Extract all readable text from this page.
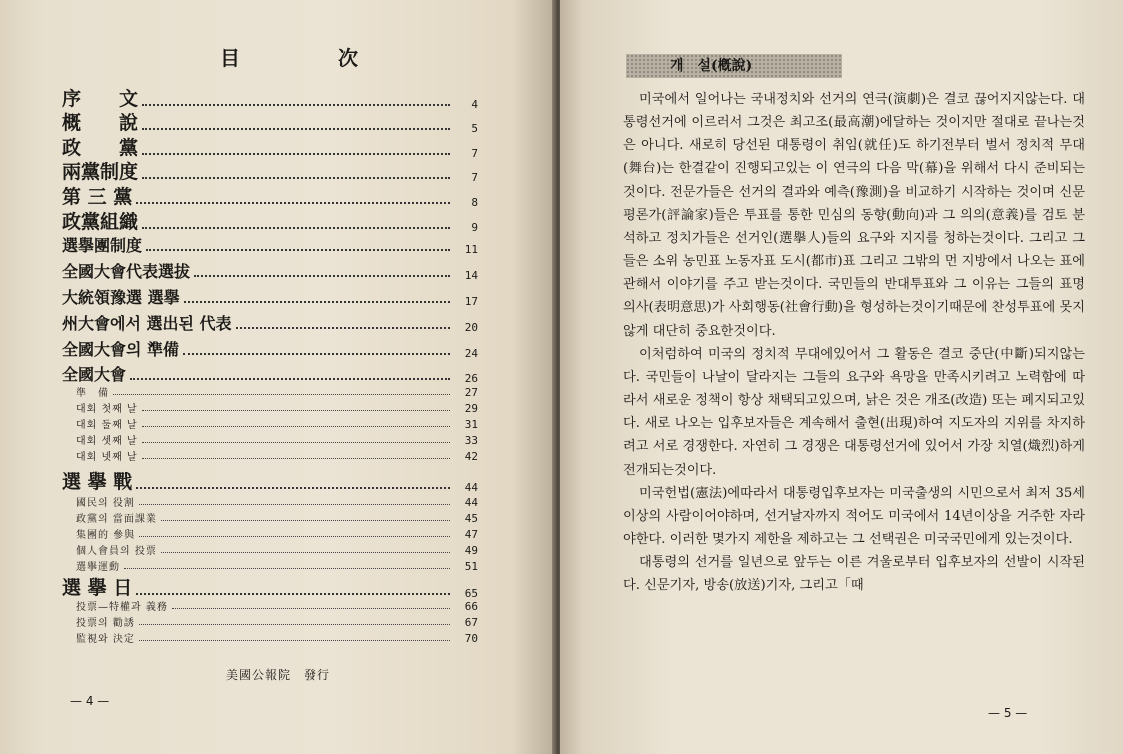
目	次
序　　文	4
概　　說	5
政　　黨	7
兩黨制度	7
第 三 黨	8
政黨組織	9
選擧團制度	11
全國大會代表選拔	14
大統領豫選 選擧	17
州大會에서 選出된 代表	20
全國大會의 準備	24
全國大會	26
準　備	27
대회 첫째 날	29
대회 둘째 날	31
대회 셋째 날	33
대회 넷째 날	42
選 擧 戰	44
國民의 役割	44
政黨의 當面課業	45
集團的 參與	47
個人會員의 投票	49
選擧運動	51
選 擧 日	65
投票—特權과 義務	66
投票의 勸誘	67
監視와 決定	70
美國公報院　發行
— 4 —
개　설(槪說)

미국에서 일어나는 국내정치와 선거의 연극(演劇)은 결코 끊어지지않는다. 대통령선거에 이르러서 그것은 최고조(最高潮)에달하는 것이지만 절대로 끝나는것은 아니다. 새로히 당선된 대통령이 취임(就任)도 하기전부터 벌서 정치적 무대(舞台)는 한결같이 진행되고있는 이 연극의 다음 막(幕)을 위해서 다시 준비되는것이다. 전문가들은 선거의 결과와 예측(豫測)을 비교하기 시작하는 것이며 신문평론가(評論家)들은 투표를 통한 민심의 동향(動向)과 그 의의(意義)를 검토 분석하고 정치가들은 선거인(選擧人)들의 요구와 지지를 청하는것이다. 그리고 그들은 소위 농민표 노동자표 도시(都市)표 그리고 그밖의 먼 지방에서 나오는 표에관해서 이야기를 주고 받는것이다. 국민들의 반대투표와 그 이유는 그들의 표명의사(表明意思)가 사회행동(社會行動)을 형성하는것이기때문에 찬성투표에 못지않게 대단히 중요한것이다.

이처럼하여 미국의 정치적 무대에있어서 그 활동은 결코 중단(中斷)되지않는다. 국민들이 나날이 달라지는 그들의 요구와 욕망을 만족시키려고 노력함에 따라서 새로운 정책이 항상 채택되고있으며, 낡은 것은 개조(改造) 또는 폐지되고있다. 새로 나오는 입후보자들은 계속해서 출현(出現)하여 지도자의 지위를 차지하려고 서로 경쟁한다. 자연히 그 경쟁은 대통령선거에 있어서 가장 치열(熾烈)하게 전개되는것이다.

미국헌법(憲法)에따라서 대통령입후보자는 미국출생의 시민으로서 최저 35세이상의 사람이어야하며, 선거날자까지 적어도 미국에서 14년이상을 거주한 자라야한다. 이러한 몇가지 제한을 제하고는 그 선택권은 미국국민에게 있는것이다.

대통령의 선거를 일년으로 앞두는 이른 겨울로부터 입후보자의 선발이 시작된다. 신문기자, 방송(放送)기자, 그리고「때

— 5 —
